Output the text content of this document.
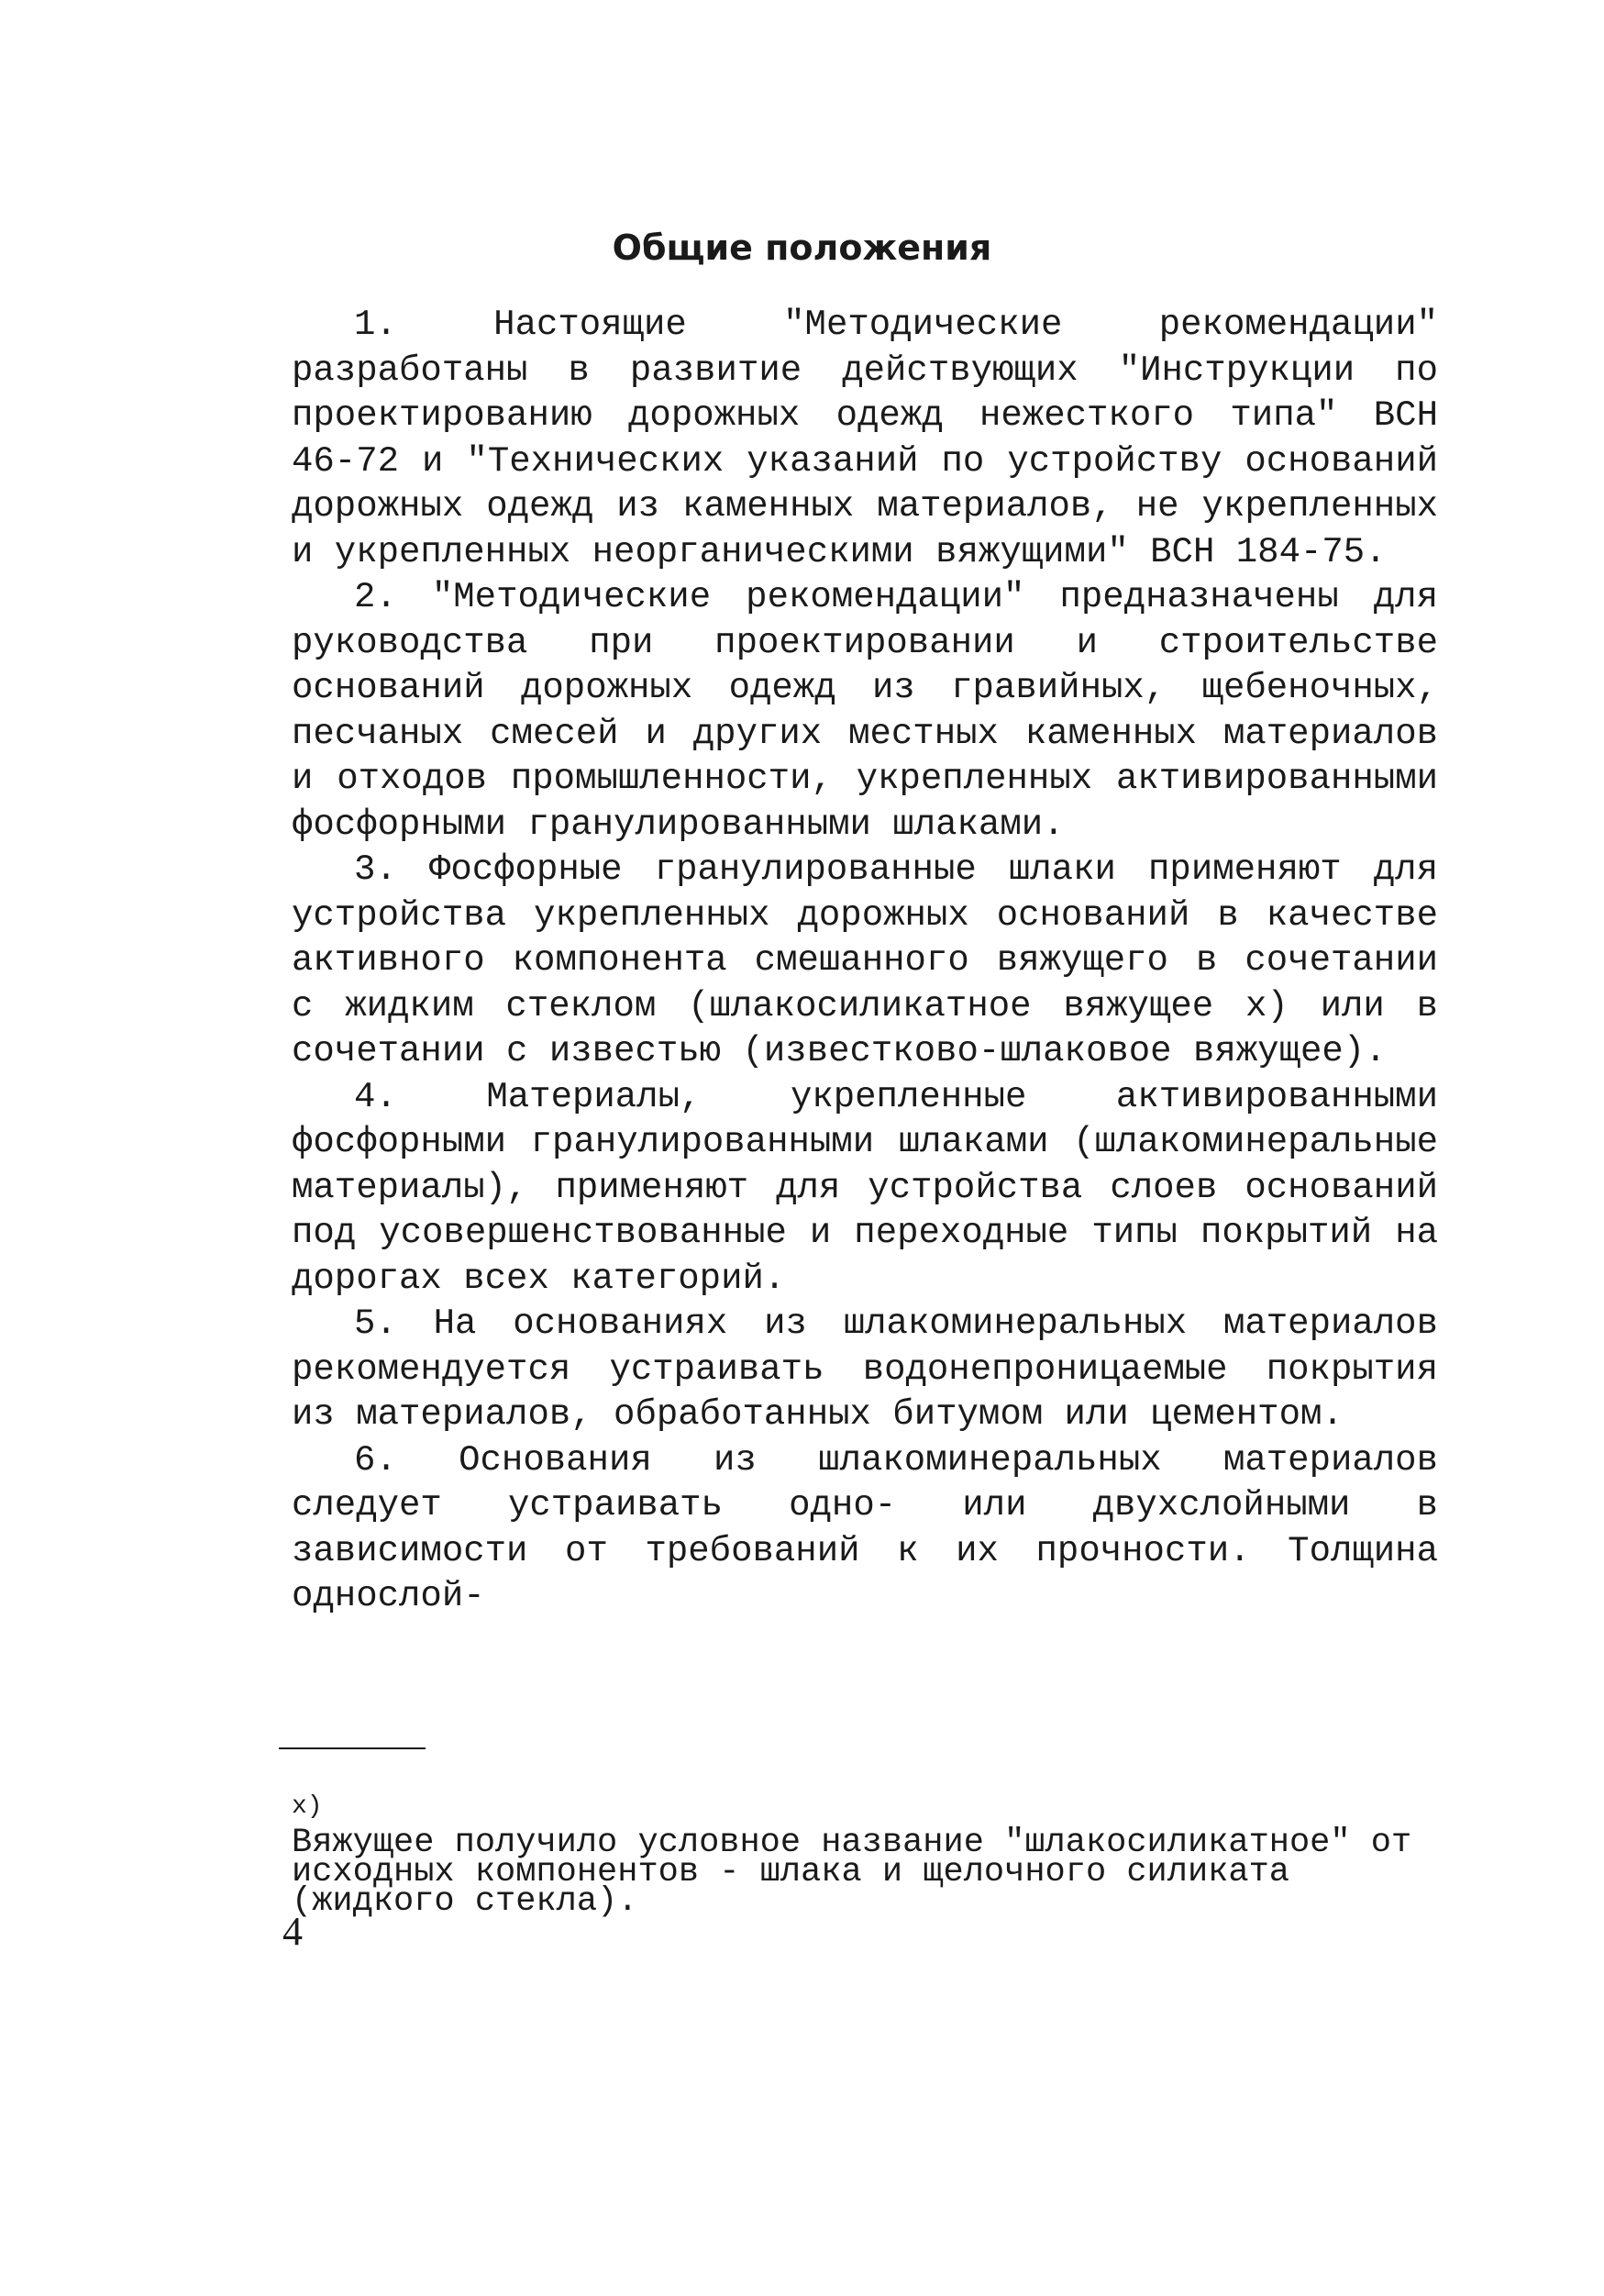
Общие положения

1. Настоящие "Методические рекомендации" разработаны в развитие действующих "Инструкции по проектированию дорожных одежд нежесткого типа" ВСН 46-72 и "Технических указаний по устройству оснований дорожных одежд из каменных материалов, не укрепленных и укрепленных неорганическими вяжущими" ВСН 184-75.

2. "Методические рекомендации" предназначены для руководства при проектировании и строительстве оснований дорожных одежд из гравийных, щебеночных, песчаных смесей и других местных каменных материалов и отходов промышленности, укрепленных активированными фосфорными гранулированными шлаками.

3. Фосфорные гранулированные шлаки применяют для устройства укрепленных дорожных оснований в качестве активного компонента смешанного вяжущего в сочетании с жидким стеклом (шлакосиликатное вяжущее x) или в сочетании с известью (известково-шлаковое вяжущее).

4. Материалы, укрепленные активированными фосфорными гранулированными шлаками (шлакоминеральные материалы), применяют для устройства слоев оснований под усовершенствованные и переходные типы покрытий на дорогах всех категорий.

5. На основаниях из шлакоминеральных материалов рекомендуется устраивать водонепроницаемые покрытия из материалов, обработанных битумом или цементом.

6. Основания из шлакоминеральных материалов следует устраивать одно- или двухслойными в зависимости от требований к их прочности. Толщина однослой-

$^{x)}$
Вяжущее получило условное название "шлакосиликатное" от исходных компонентов - шлака и щелочного силиката (жидкого стекла).

4
